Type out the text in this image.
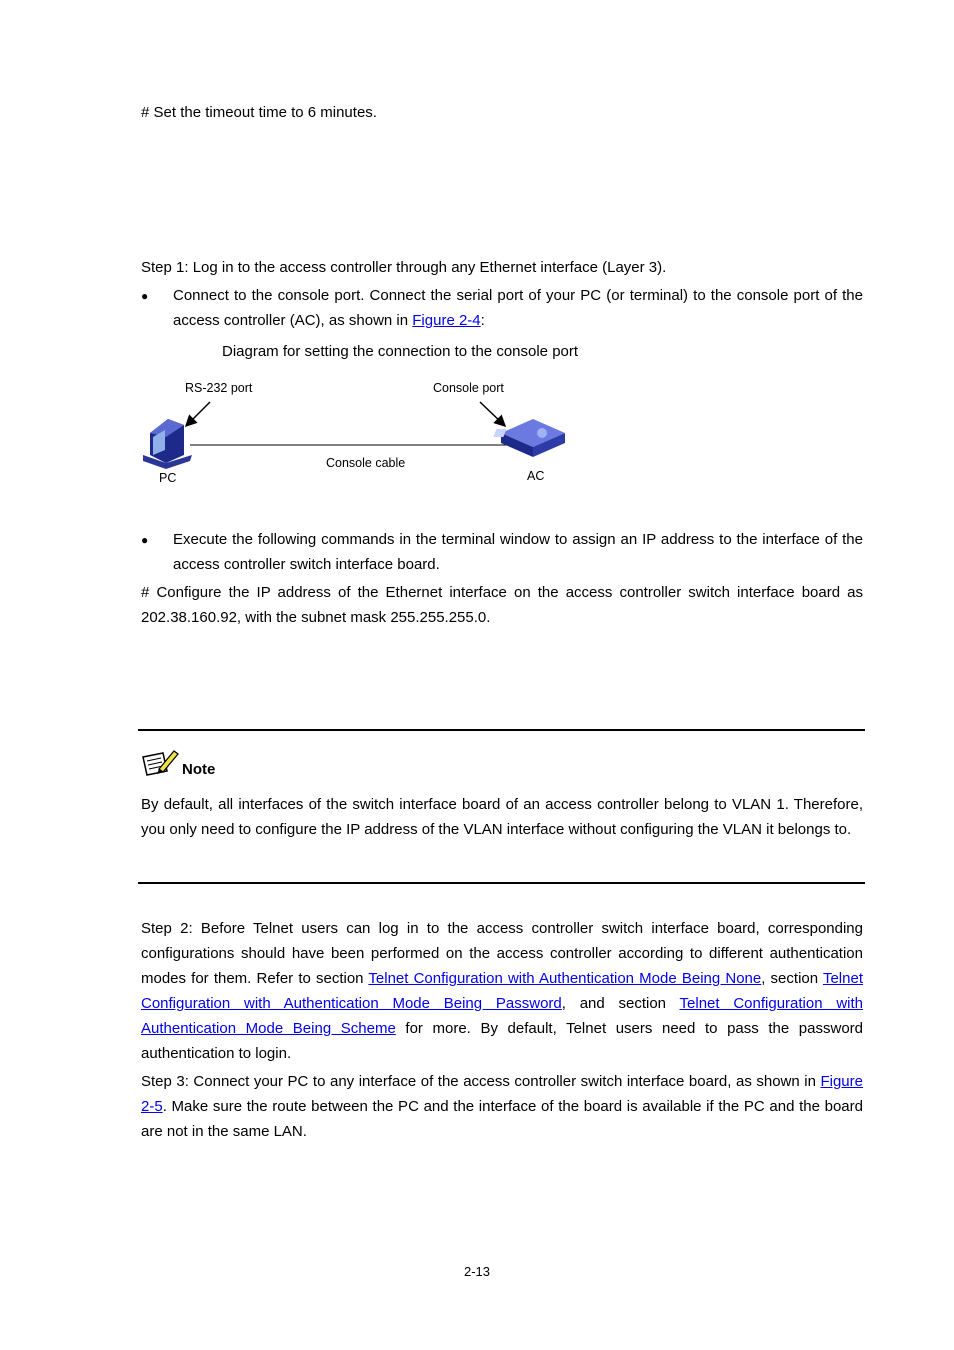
# Set the timeout time to 6 minutes.

Step 1: Log in to the access controller through any Ethernet interface (Layer 3).

● Connect to the console port. Connect the serial port of your PC (or terminal) to the console port of the access controller (AC), as shown in Figure 2-4:

Diagram for setting the connection to the console port
RS-232 port	Console port
Console cable
PC	AC
● Execute the following commands in the terminal window to assign an IP address to the interface of the access controller switch interface board.

# Configure the IP address of the Ethernet interface on the access controller switch interface board as 202.38.160.92, with the subnet mask 255.255.255.0.

Note

By default, all interfaces of the switch interface board of an access controller belong to VLAN 1. Therefore, you only need to configure the IP address of the VLAN interface without configuring the VLAN it belongs to.

Step 2: Before Telnet users can log in to the access controller switch interface board, corresponding configurations should have been performed on the access controller according to different authentication modes for them. Refer to section Telnet Configuration with Authentication Mode Being None, section Telnet Configuration with Authentication Mode Being Password, and section Telnet Configuration with Authentication Mode Being Scheme for more. By default, Telnet users need to pass the password authentication to login.

Step 3: Connect your PC to any interface of the access controller switch interface board, as shown in Figure 2-5. Make sure the route between the PC and the interface of the board is available if the PC and the board are not in the same LAN.

2-13
